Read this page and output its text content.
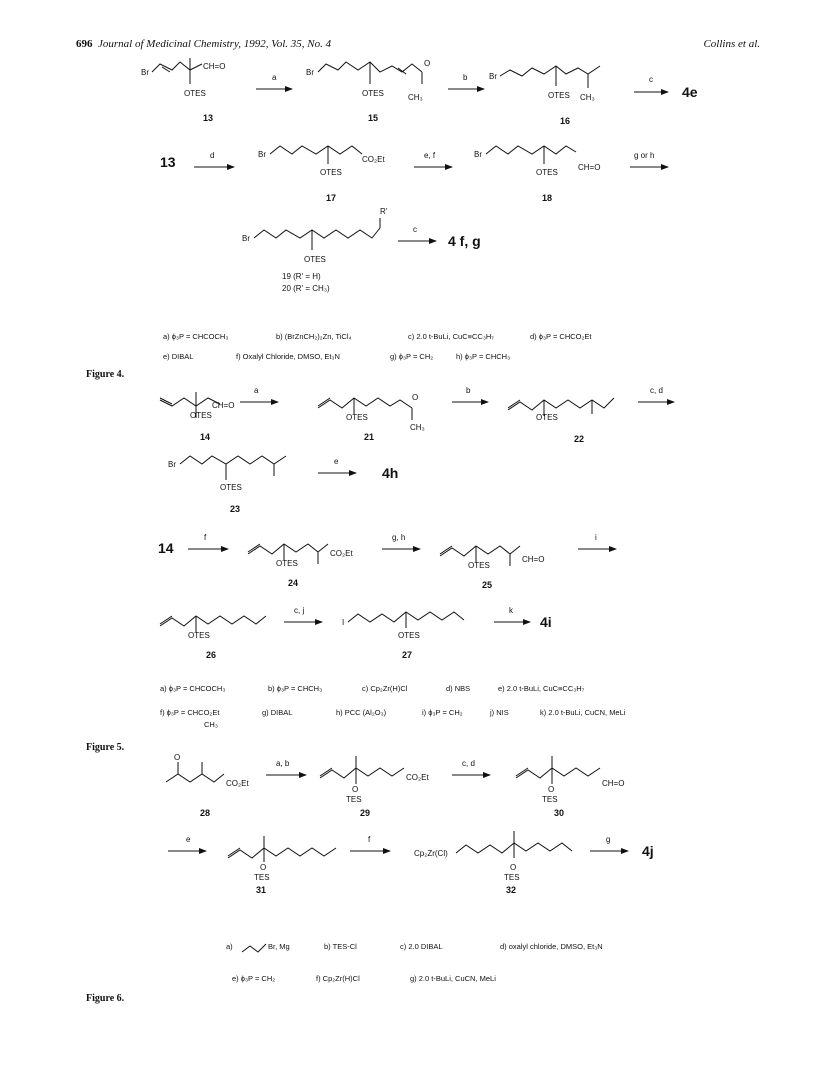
696 Journal of Medicinal Chemistry, 1992, Vol. 35, No. 4	Collins et al.
Br
CH=O
OTES
13
a
Br
O
CH₃
OTES
15
b	Br
CH₃
OTES
16
c
4e
13	d	Br
CO₂Et
OTES
17
e, f	Br
CH=O
OTES
18
g or h
Br
R'
OTES
19 (R' = H)
20 (R' = CH₃)
c
4 f, g
a) ϕ₃P = CHCOCH₃	b) (BrZnCH₂)₂Zn, TiCl₄	c) 2.0 t-BuLi, CuC≡CC₃H₇	d) ϕ₃P = CHCO₂Et
e) DIBAL	f) Oxalyl Chloride, DMSO, Et₃N	g) ϕ₃P = CH₂	h) ϕ₃P = CHCH₃
Figure 4.
CH=O
OTES
14
a
O
CH₃
OTES
21
b
OTES
22
c, d
Br
OTES
23
e
4h
14
f
CO₂Et
OTES
24
g, h
CH=O
OTES
25
i
OTES
26
c, j
I
OTES
27
k
4i
a) ϕ₃P = CHCOCH₃	b) ϕ₃P = CHCH₃	c) Cp₂Zr(H)Cl	d) NBS	e) 2.0 t-BuLi, CuC≡CC₃H₇
f) ϕ₃P = CHCO₂Et	g) DIBAL	h) PCC (Al₂O₃)	i) ϕ₃P = CH₂	j) NIS	k) 2.0 t-BuLi, CuCN, MeLi
CH₃
Figure 5.
O
CO₂Et
28
a, b
CO₂Et
O
TES
29
c, d
CH=O
O
TES
30
e
O
TES
31
f
Cp₂Zr(Cl)
O
TES
32
g
4j
a)	Br, Mg	b) TES-Cl	c) 2.0 DIBAL	d) oxalyl chloride, DMSO, Et₃N
e) ϕ₃P = CH₂	f) Cp₂Zr(H)Cl	g) 2.0 t-BuLi, CuCN, MeLi
Figure 6.
